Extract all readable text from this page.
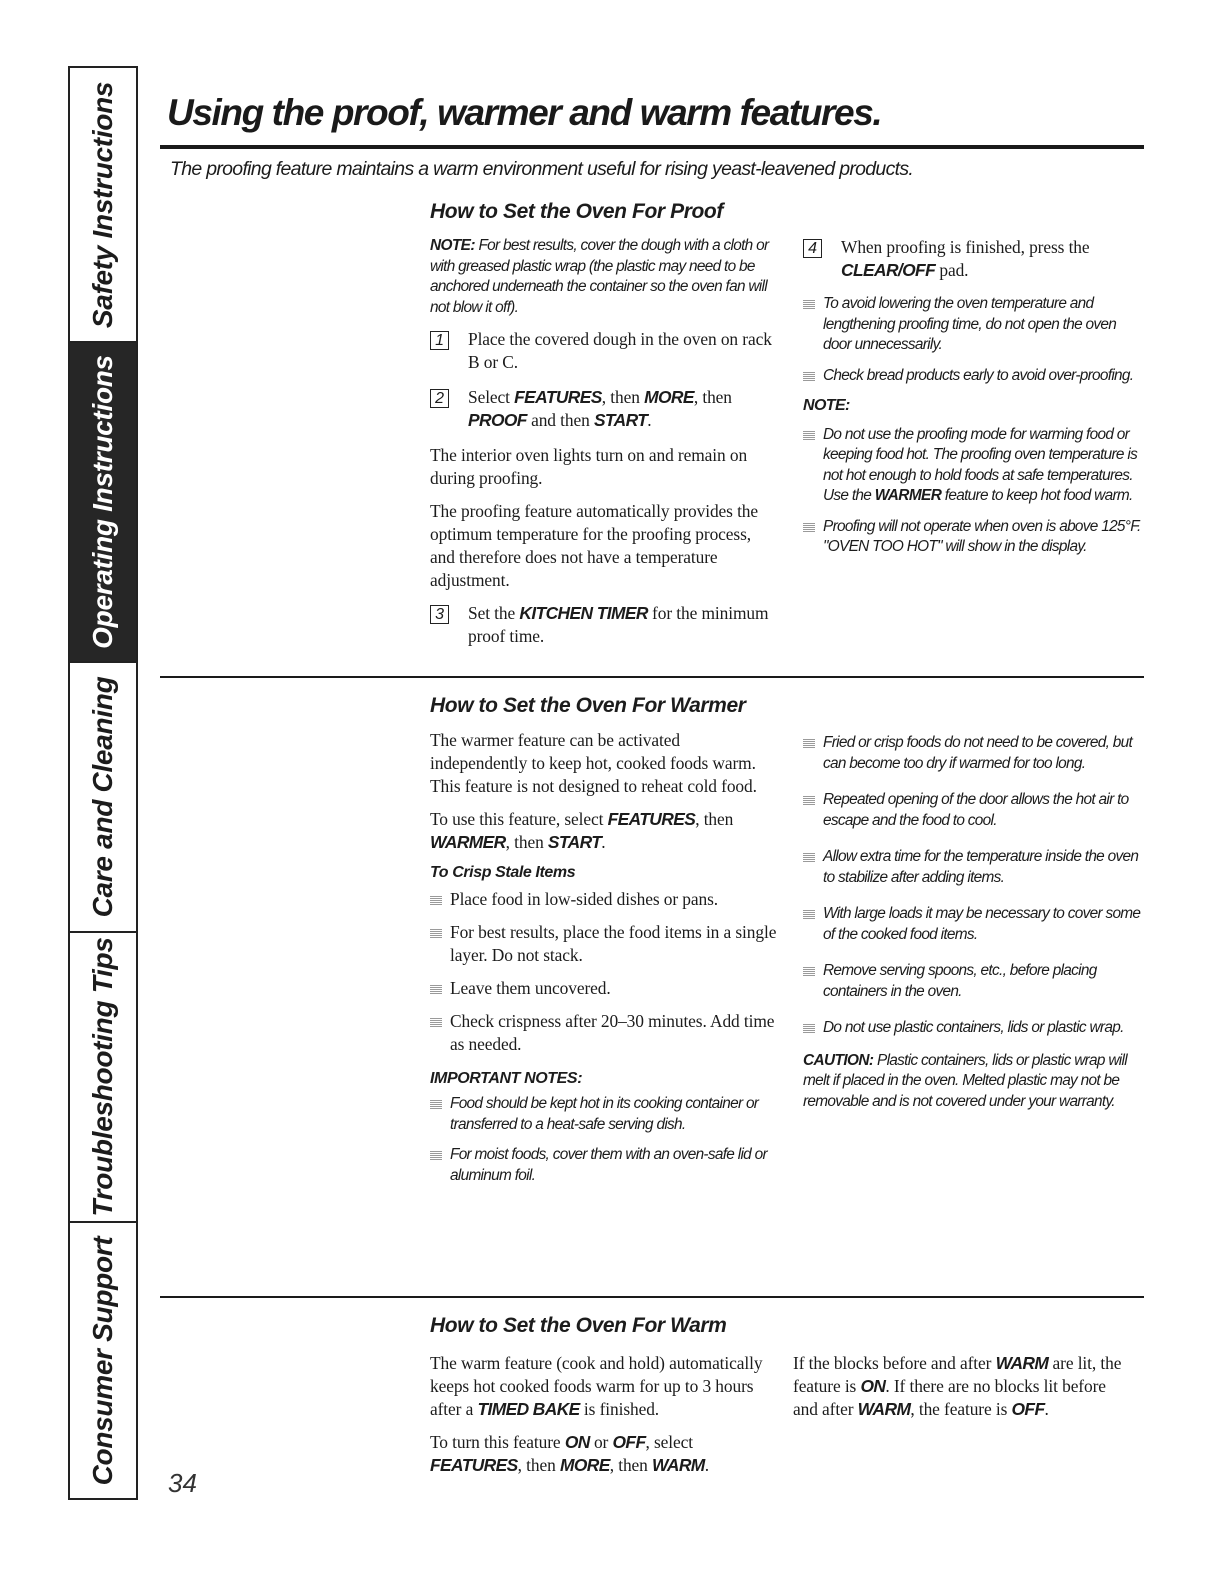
Safety Instructions
Operating Instructions
Care and Cleaning
Troubleshooting Tips
Consumer Support
Using the proof, warmer and warm features.
The proofing feature maintains a warm environment useful for rising yeast-leavened products.
How to Set the Oven For Proof

NOTE: For best results, cover the dough with a cloth or with greased plastic wrap (the plastic may need to be anchored underneath the container so the oven fan will not blow it off).

1 Place the covered dough in the oven on rack B or C.
2 Select FEATURES, then MORE, then PROOF and then START.

The interior oven lights turn on and remain on during proofing.

The proofing feature automatically provides the optimum temperature for the proofing process, and therefore does not have a temperature adjustment.

3 Set the KITCHEN TIMER for the minimum proof time.
4 When proofing is finished, press the CLEAR/OFF pad.
To avoid lowering the oven temperature and lengthening proofing time, do not open the oven door unnecessarily.
Check bread products early to avoid over-proofing.

NOTE:

Do not use the proofing mode for warming food or keeping food hot. The proofing oven temperature is not hot enough to hold foods at safe temperatures. Use the WARMER feature to keep hot food warm.
Proofing will not operate when oven is above 125°F. "OVEN TOO HOT" will show in the display.
How to Set the Oven For Warmer

The warmer feature can be activated independently to keep hot, cooked foods warm. This feature is not designed to reheat cold food.

To use this feature, select FEATURES, then WARMER, then START.

To Crisp Stale Items

Place food in low-sided dishes or pans.
For best results, place the food items in a single layer. Do not stack.
Leave them uncovered.
Check crispness after 20–30 minutes. Add time as needed.

IMPORTANT NOTES:

Food should be kept hot in its cooking container or transferred to a heat-safe serving dish.
For moist foods, cover them with an oven-safe lid or aluminum foil.
Fried or crisp foods do not need to be covered, but can become too dry if warmed for too long.
Repeated opening of the door allows the hot air to escape and the food to cool.
Allow extra time for the temperature inside the oven to stabilize after adding items.
With large loads it may be necessary to cover some of the cooked food items.
Remove serving spoons, etc., before placing containers in the oven.
Do not use plastic containers, lids or plastic wrap.

CAUTION: Plastic containers, lids or plastic wrap will melt if placed in the oven. Melted plastic may not be removable and is not covered under your warranty.

How to Set the Oven For Warm

The warm feature (cook and hold) automatically keeps hot cooked foods warm for up to 3 hours after a TIMED BAKE is finished.

To turn this feature ON or OFF, select FEATURES, then MORE, then WARM.

If the blocks before and after WARM are lit, the feature is ON. If there are no blocks lit before and after WARM, the feature is OFF.

34
